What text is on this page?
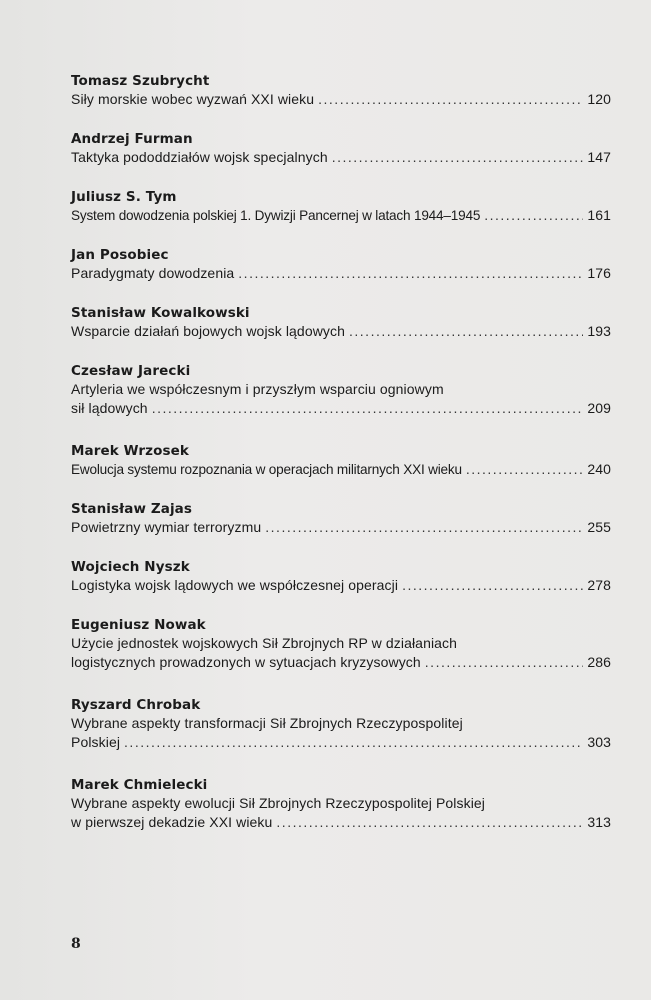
Tomasz Szubrycht
Siły morskie wobec wyzwań XXI wieku .....	120
Andrzej Furman
Taktyka pododdziałów wojsk specjalnych .....	147
Juliusz S. Tym
System dowodzenia polskiej 1. Dywizji Pancernej w latach 1944–1945 .....	161
Jan Posobiec
Paradygmaty dowodzenia .....	176
Stanisław Kowalkowski
Wsparcie działań bojowych wojsk lądowych .....	193
Czesław Jarecki
Artyleria we współczesnym i przyszłym wsparciu ogniowym
sił lądowych .....	209
Marek Wrzosek
Ewolucja systemu rozpoznania w operacjach militarnych XXI wieku .....	240
Stanisław Zajas
Powietrzny wymiar terroryzmu .....	255
Wojciech Nyszk
Logistyka wojsk lądowych we współczesnej operacji .....	278
Eugeniusz Nowak
Użycie jednostek wojskowych Sił Zbrojnych RP w działaniach
logistycznych prowadzonych w sytuacjach kryzysowych .....	286
Ryszard Chrobak
Wybrane aspekty transformacji Sił Zbrojnych Rzeczypospolitej
Polskiej .....	303
Marek Chmielecki
Wybrane aspekty ewolucji Sił Zbrojnych Rzeczypospolitej Polskiej
w pierwszej dekadzie XXI wieku .....	313
8
